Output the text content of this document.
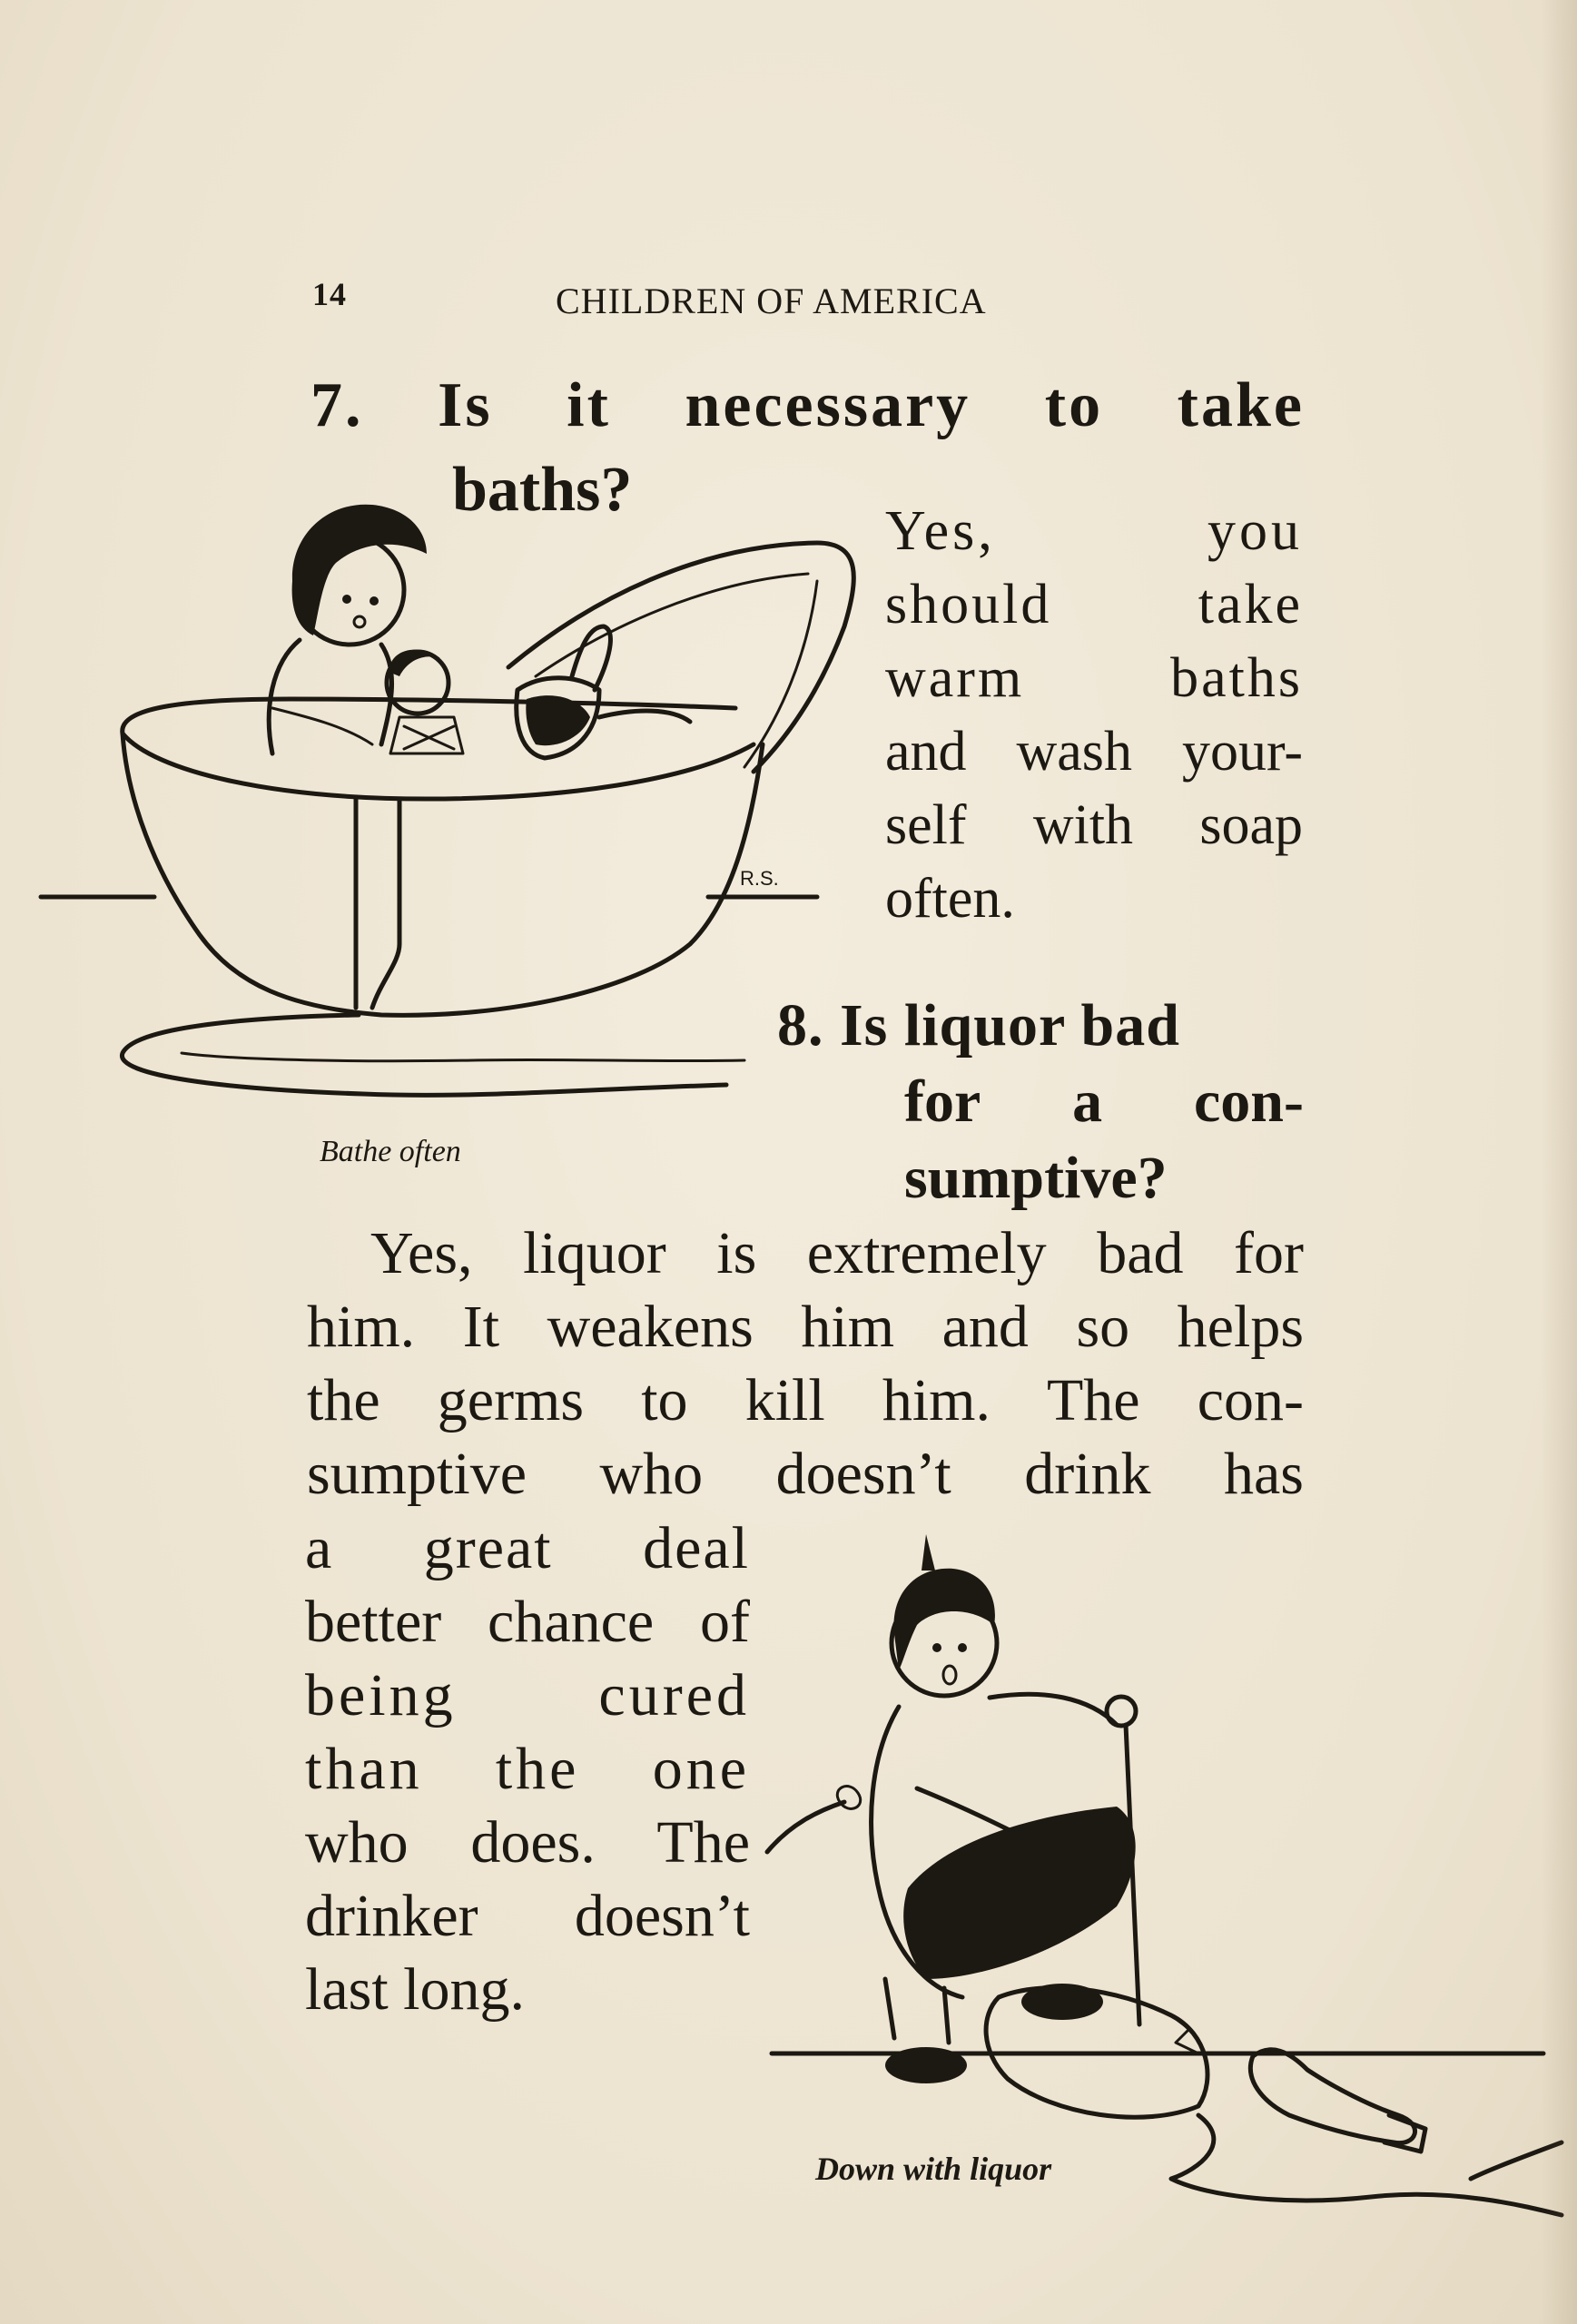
14	CHILDREN OF AMERICA
7. Is it necessary to take
baths?
Yes, you
should take
warm baths
and wash your-
self with soap
often.
8. Is liquor bad
for a con-
sumptive?
Yes, liquor is extremely bad for
him. It weakens him and so helps
the germs to kill him. The con-
sumptive who doesn’t drink has
a great deal
better chance of
being cured
than the one
who does. The
drinker doesn’t
last long.
R.S.
Bathe often
Down with liquor
